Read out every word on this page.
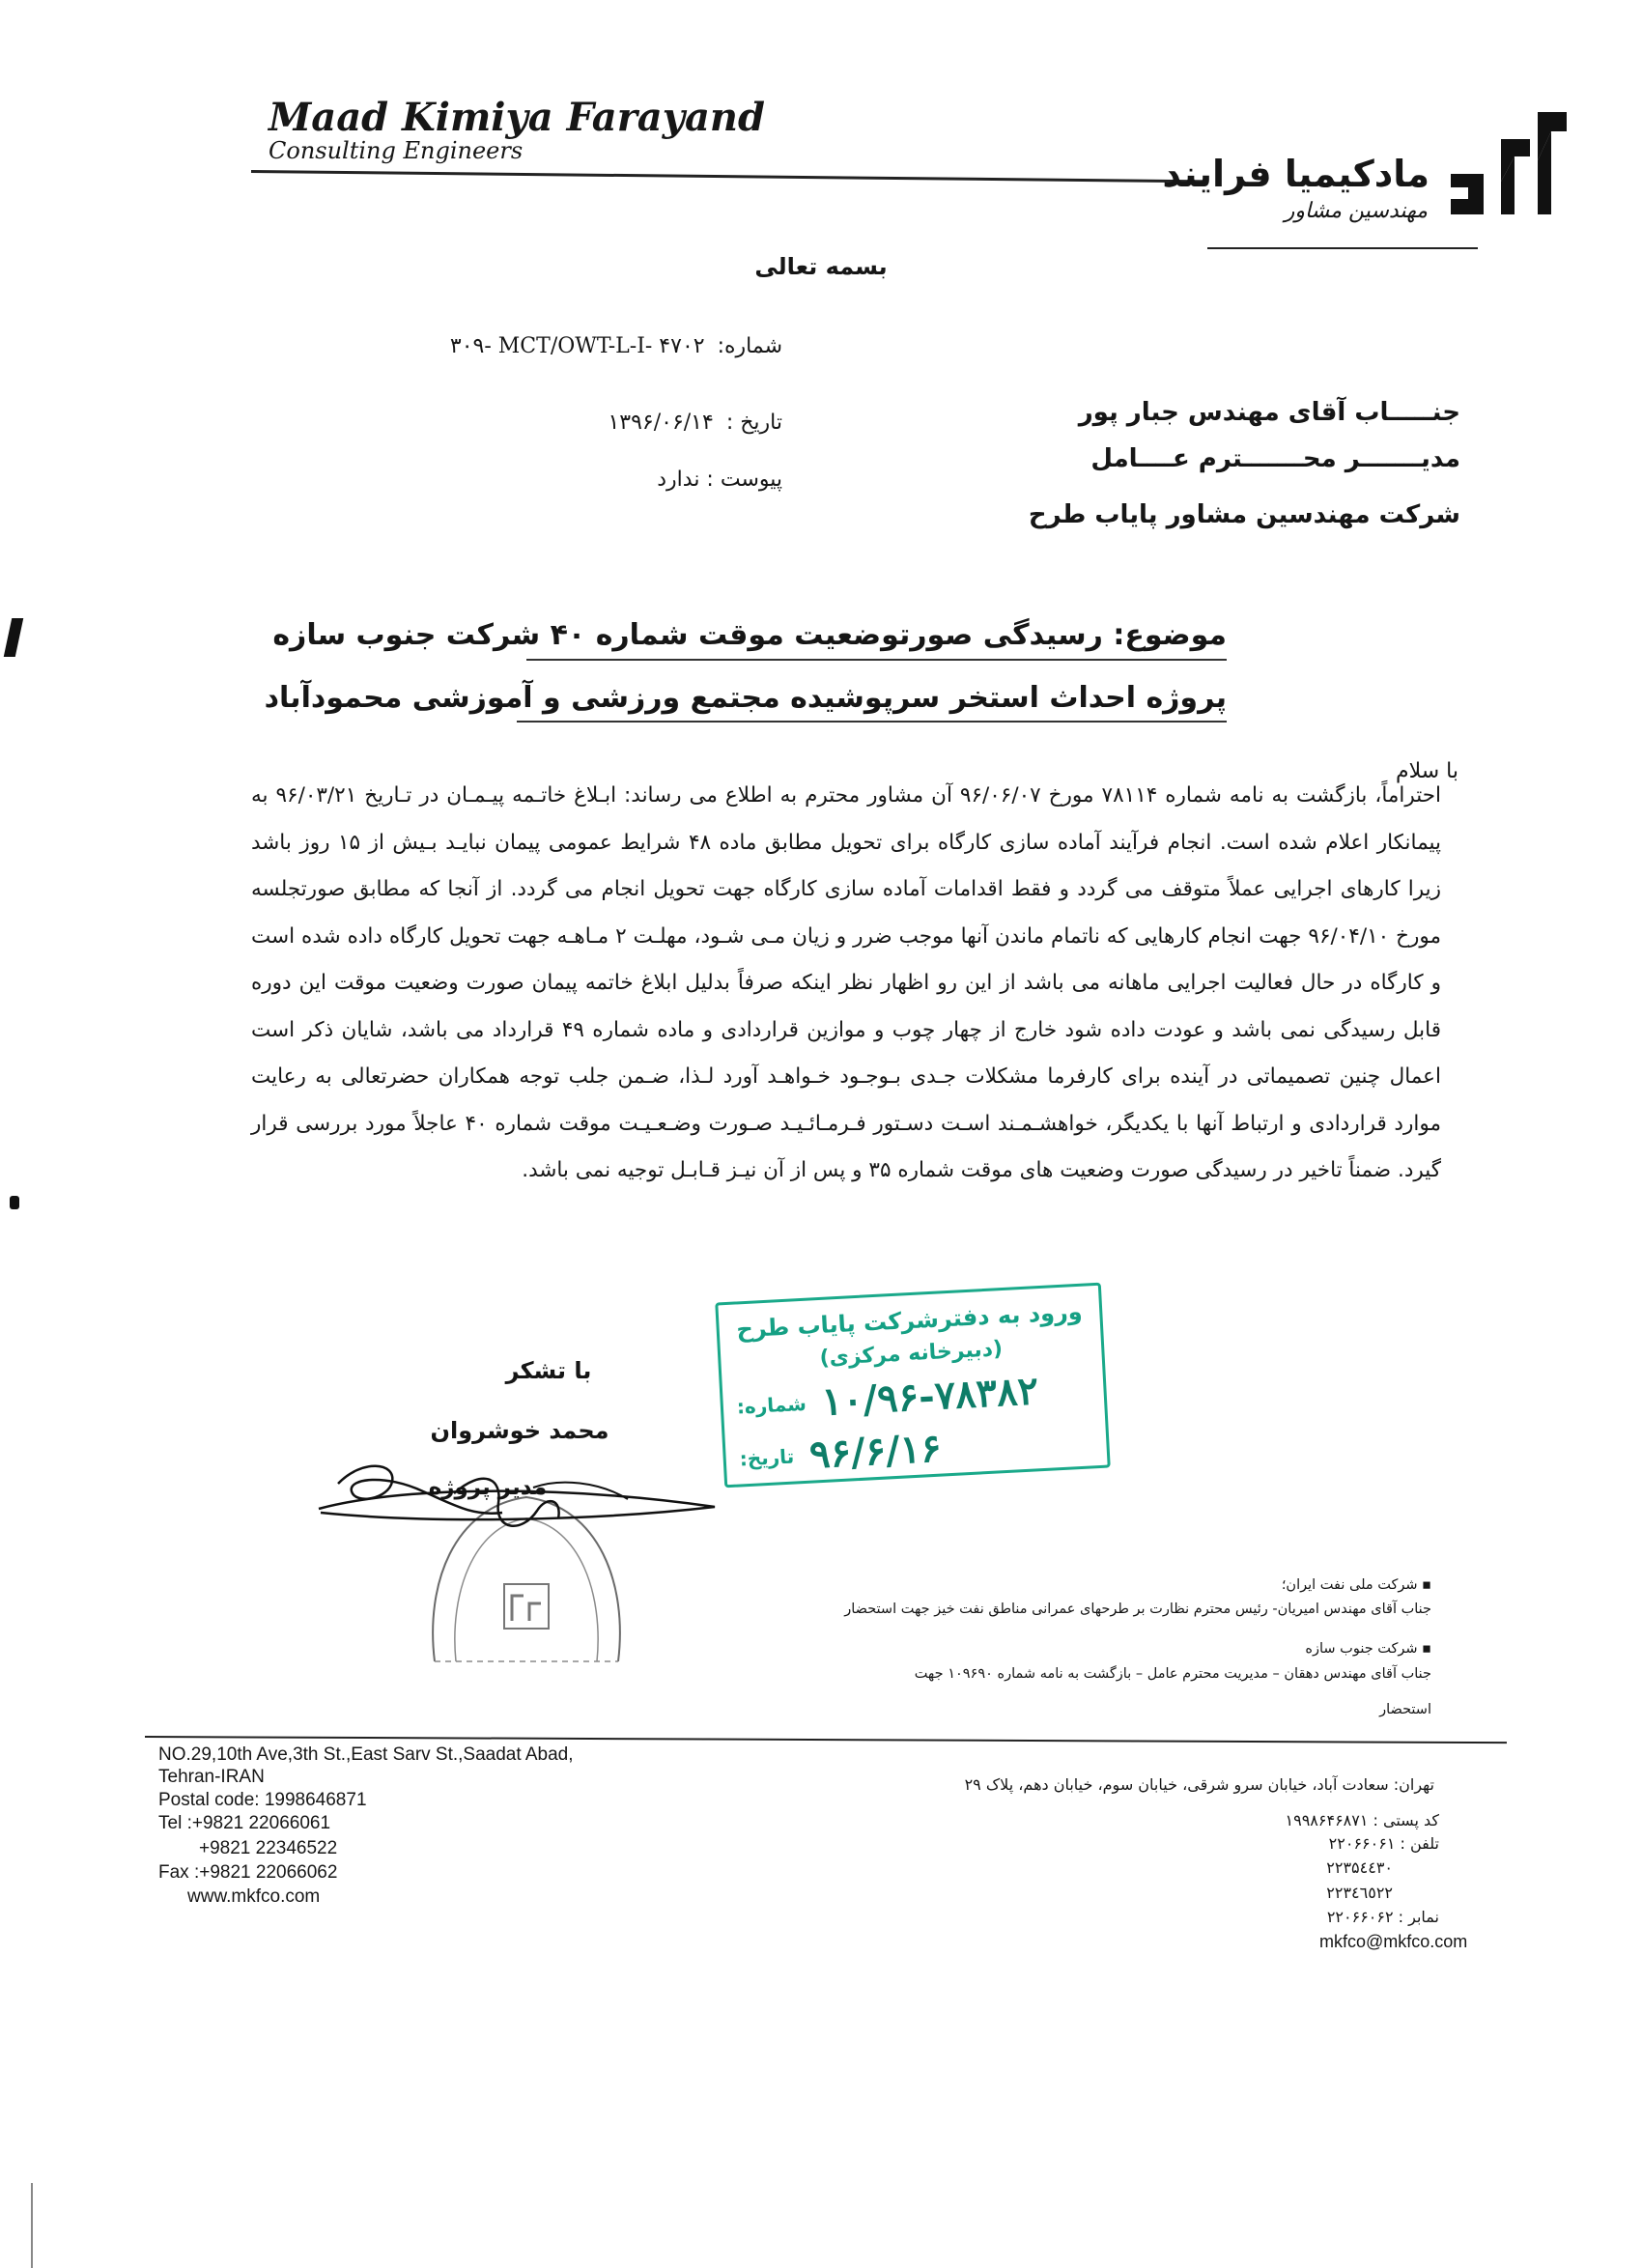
Maad Kimiya Farayand
Consulting Engineers
مادکیمیا فرایند
مهندسین مشاور
بسمه تعالی
شماره: ۳۰۹- MCT/OWT-L-I- ۴۷۰۲
تاریخ : ۱۳۹۶/۰۶/۱۴
پیوست : ندارد
جنـــــاب آقای مهندس جبار پور
مدیـــــــر محـــــــترم عــــامل
شرکت مهندسین مشاور پایاب طرح
موضوع: رسیدگی صورتوضعیت موقت شماره ۴۰ شرکت جنوب سازه
پروژه احداث استخر سرپوشیده مجتمع ورزشی و آموزشی محمودآباد
با سلام
احتراماً، بازگشت به نامه شماره ۷۸۱۱۴ مورخ ۹۶/۰۶/۰۷ آن مشاور محترم به اطلاع می رساند: ابـلاغ خاتـمه پیـمـان در تـاریخ ۹۶/۰۳/۲۱ به پیمانکار اعلام شده است. انجام فرآیند آماده سازی کارگاه برای تحویل مطابق ماده ۴۸ شرایط عمومی پیمان نبایـد بـیش از ۱۵ روز باشد زیرا کارهای اجرایی عملاً متوقف می گردد و فقط اقدامات آماده سازی کارگاه جهت تحویل انجام می گردد. از آنجا که مطابق صورتجلسه مورخ ۹۶/۰۴/۱۰ جهت انجام کارهایی که ناتمام ماندن آنها موجب ضرر و زیان مـی شـود، مهلـت ۲ مـاهـه جهت تحویل کارگاه داده شده است و کارگاه در حال فعالیت اجرایی ماهانه می باشد از این رو اظهار نظر اینکه صرفاً بدلیل ابلاغ خاتمه پیمان صورت وضعیت موقت این دوره قابل رسیدگی نمی باشد و عودت داده شود خارج از چهار چوب و موازین قراردادی و ماده شماره ۴۹ قرارداد می باشد، شایان ذکر است اعمال چنین تصمیماتی در آینده برای کارفرما مشکلات جـدی بـوجـود خـواهـد آورد لـذا، ضـمن جلب توجه همکاران حضرتعالی به رعایت موارد قراردادی و ارتباط آنها با یکدیگر، خواهشـمـند اسـت دسـتور فـرمـائـیـد صـورت وضـعـیـت موقت شماره ۴۰ عاجلاً مورد بررسی قرار گیرد. ضمناً تاخیر در رسیدگی صورت وضعیت های موقت شماره ۳۵ و پس از آن نیـز قـابـل توجیه نمی باشد.
ورود به دفترشرکت پایاب طرح
(دبیرخانه مرکزی)
شماره: ۱۰/۹۶-۷۸۳۸۲
تاریخ: ۹۶/۶/۱۶
با تشکر
محمد خوشروان
مدیر پروژه
▪ شرکت ملی نفت ایران؛
جناب آقای مهندس امیریان- رئیس محترم نظارت بر طرحهای عمرانی مناطق نفت خیز جهت استحضار
▪ شرکت جنوب سازه
جناب آقای مهندس دهقان – مدیریت محترم عامل – بازگشت به نامه شماره ۱۰۹۶۹۰ جهت
استحضار
NO.29,10th Ave,3th St.,East Sarv St.,Saadat Abad,
Tehran-IRAN
Postal code: 1998646871
Tel :+9821 22066061
+9821 22346522
Fax :+9821 22066062
www.mkfco.com
تهران: سعادت آباد، خیابان سرو شرقی، خیابان سوم، خیابان دهم، پلاک ۲۹
کد پستی : ۱۹۹۸۶۴۶۸۷۱
تلفن : ۲۲۰۶۶۰۶۱
۲۲۳۵٤٤۳۰
۲۲۳٤٦٥۲۲
نمابر : ۲۲۰۶۶۰۶۲
mkfco@mkfco.com
